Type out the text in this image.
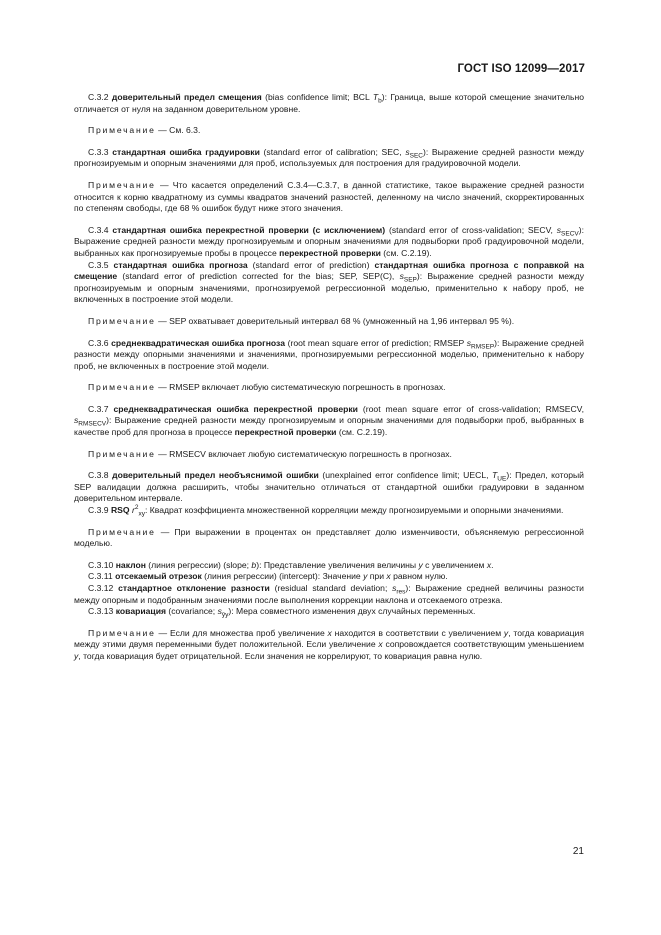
ГОСТ ISO 12099—2017

C.3.2 доверительный предел смещения (bias confidence limit; BCL $T_b$): Граница, выше которой смещение значительно отличается от нуля на заданном доверительном уровне.

Примечание — См. 6.3.

C.3.3 стандартная ошибка градуировки (standard error of calibration; SEC, $s_{SEC}$): Выражение средней разности между прогнозируемым и опорным значениями для проб, используемых для построения для градуировочной модели.

Примечание — Что касается определений C.3.4—C.3.7, в данной статистике, такое выражение средней разности относится к корню квадратному из суммы квадратов значений разностей, деленному на число значений, скорректированных по степеням свободы, где 68 % ошибок будут ниже этого значения.

C.3.4 стандартная ошибка перекрестной проверки (с исключением) (standard error of cross-validation; SECV, $s_{SECV}$): Выражение средней разности между прогнозируемым и опорным значениями для подвыборки проб градуировочной модели, выбранных как прогнозируемые пробы в процессе перекрестной проверки (см. C.2.19).

C.3.5 стандартная ошибка прогноза (standard error of prediction) стандартная ошибка прогноза с поправкой на смещение (standard error of prediction corrected for the bias; SEP, SEP(C), $s_{SEP}$): Выражение средней разности между прогнозируемым и опорным значениями, прогнозируемой регрессионной моделью, применительно к набору проб, не включенных в построение этой модели.

Примечание — SEP охватывает доверительный интервал 68 % (умноженный на 1,96 интервал 95 %).

C.3.6 среднеквадратическая ошибка прогноза (root mean square error of prediction; RMSEP $s_{RMSEP}$): Выражение средней разности между опорными значениями и значениями, прогнозируемыми регрессионной моделью, применительно к набору проб, не включенных в построение этой модели.

Примечание — RMSEP включает любую систематическую погрешность в прогнозах.

C.3.7 среднеквадратическая ошибка перекрестной проверки (root mean square error of cross-validation; RMSECV, $s_{RMSECV}$): Выражение средней разности между прогнозируемым и опорным значениями для подвыборки проб, выбранных в качестве проб для прогноза в процессе перекрестной проверки (см. C.2.19).

Примечание — RMSECV включает любую систематическую погрешность в прогнозах.

C.3.8 доверительный предел необъяснимой ошибки (unexplained error confidence limit; UECL, $T_{UE}$): Предел, который SEP валидации должна расширить, чтобы значительно отличаться от стандартной ошибки градуировки в заданном доверительном интервале.

C.3.9 RSQ $r^2_{xy}$: Квадрат коэффициента множественной корреляции между прогнозируемыми и опорными значениями.

Примечание — При выражении в процентах он представляет долю изменчивости, объясняемую регрессионной моделью.

C.3.10 наклон (линия регрессии) (slope; b): Представление увеличения величины y с увеличением x.

C.3.11 отсекаемый отрезок (линия регрессии) (intercept): Значение y при x равном нулю.

C.3.12 стандартное отклонение разности (residual standard deviation; $s_{res}$): Выражение средней величины разности между опорным и подобранным значениями после выполнения коррекции наклона и отсекаемого отрезка.

C.3.13 ковариация (covariance; $s_{ŷy}$): Мера совместного изменения двух случайных переменных.

Примечание — Если для множества проб увеличение x находится в соответствии с увеличением y, тогда ковариация между этими двумя переменными будет положительной. Если увеличение x сопровождается соответствующим уменьшением y, тогда ковариация будет отрицательной. Если значения не коррелируют, то ковариация равна нулю.

21
